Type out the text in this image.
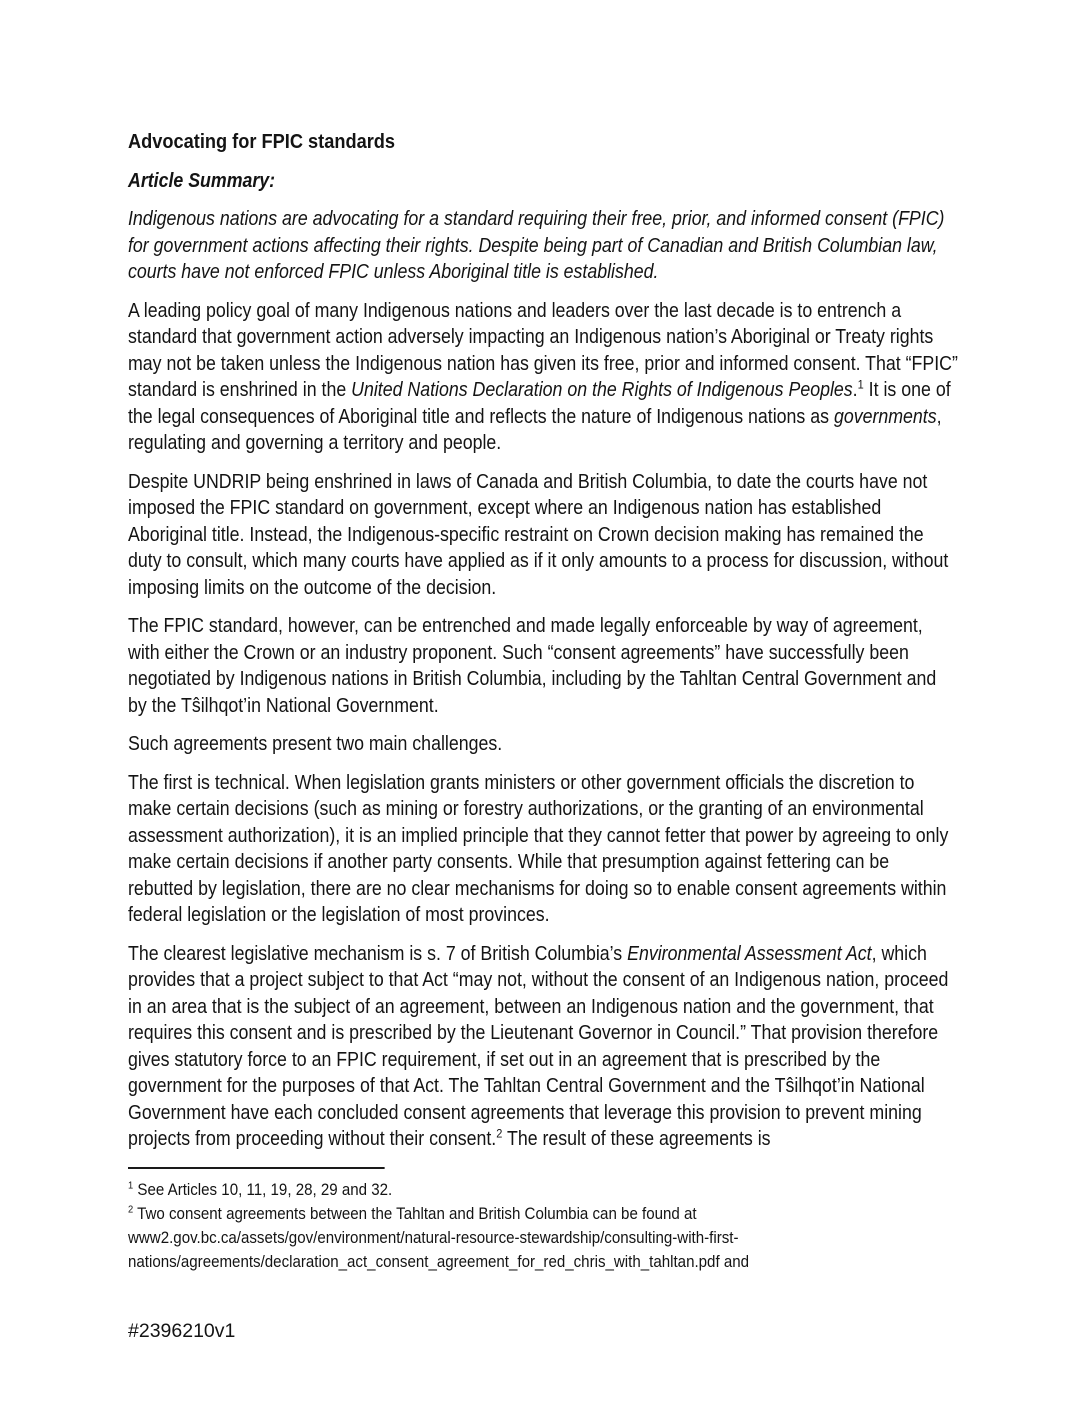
Advocating for FPIC standards
Article Summary:

Indigenous nations are advocating for a standard requiring their free, prior, and informed consent (FPIC) for government actions affecting their rights. Despite being part of Canadian and British Columbian law, courts have not enforced FPIC unless Aboriginal title is established.

A leading policy goal of many Indigenous nations and leaders over the last decade is to entrench a standard that government action adversely impacting an Indigenous nation’s Aboriginal or Treaty rights may not be taken unless the Indigenous nation has given its free, prior and informed consent. That “FPIC” standard is enshrined in the United Nations Declaration on the Rights of Indigenous Peoples.$^1$ It is one of the legal consequences of Aboriginal title and reflects the nature of Indigenous nations as governments, regulating and governing a territory and people.

Despite UNDRIP being enshrined in laws of Canada and British Columbia, to date the courts have not imposed the FPIC standard on government, except where an Indigenous nation has established Aboriginal title. Instead, the Indigenous-specific restraint on Crown decision making has remained the duty to consult, which many courts have applied as if it only amounts to a process for discussion, without imposing limits on the outcome of the decision.

The FPIC standard, however, can be entrenched and made legally enforceable by way of agreement, with either the Crown or an industry proponent. Such “consent agreements” have successfully been negotiated by Indigenous nations in British Columbia, including by the Tahltan Central Government and by the Tŝilhqot’in National Government.

Such agreements present two main challenges.

The first is technical. When legislation grants ministers or other government officials the discretion to make certain decisions (such as mining or forestry authorizations, or the granting of an environmental assessment authorization), it is an implied principle that they cannot fetter that power by agreeing to only make certain decisions if another party consents. While that presumption against fettering can be rebutted by legislation, there are no clear mechanisms for doing so to enable consent agreements within federal legislation or the legislation of most provinces.

The clearest legislative mechanism is s. 7 of British Columbia’s Environmental Assessment Act, which provides that a project subject to that Act “may not, without the consent of an Indigenous nation, proceed in an area that is the subject of an agreement, between an Indigenous nation and the government, that requires this consent and is prescribed by the Lieutenant Governor in Council.” That provision therefore gives statutory force to an FPIC requirement, if set out in an agreement that is prescribed by the government for the purposes of that Act. The Tahltan Central Government and the Tŝilhqot’in National Government have each concluded consent agreements that leverage this provision to prevent mining projects from proceeding without their consent.$^2$ The result of these agreements is

$^1$ See Articles 10, 11, 19, 28, 29 and 32.

$^2$ Two consent agreements between the Tahltan and British Columbia can be found at www2.gov.bc.ca/assets/gov/environment/natural-resource-stewardship/consulting-with-first-nations/agreements/declaration_act_consent_agreement_for_red_chris_with_tahltan.pdf and

#2396210v1
